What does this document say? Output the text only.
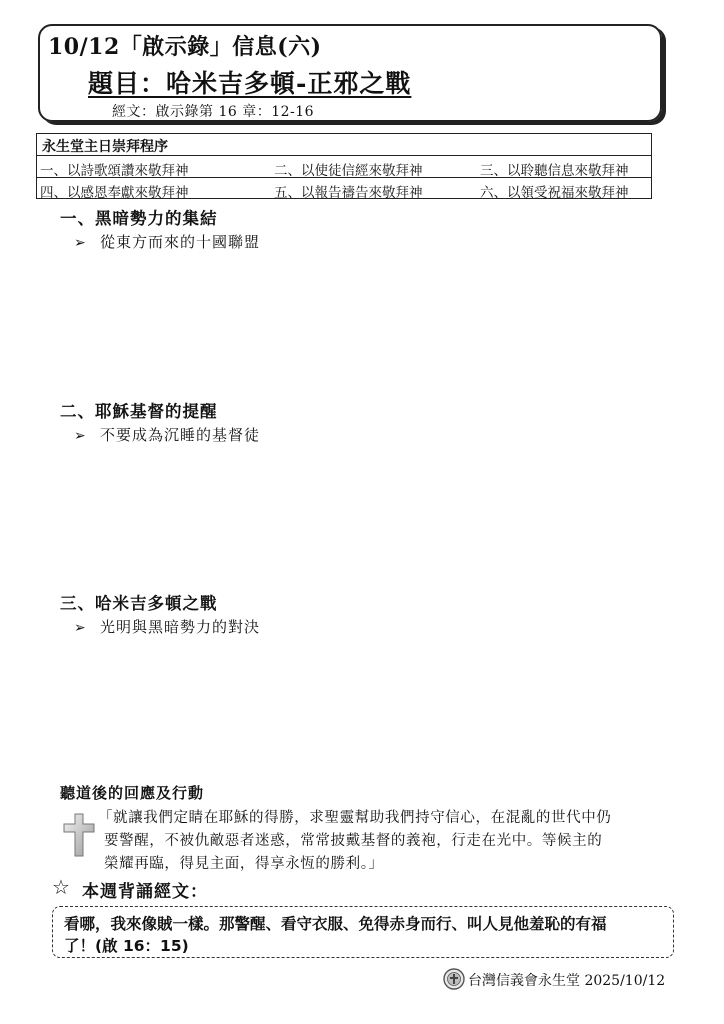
10/12「啟示錄」信息(六)
題目：哈米吉多頓-正邪之戰
經文：啟示錄第 16 章：12-16
永生堂主日崇拜程序
一、以詩歌頌讚來敬拜神	二、以使徒信經來敬拜神	三、以聆聽信息來敬拜神
四、以感恩奉獻來敬拜神	五、以報告禱告來敬拜神	六、以領受祝福來敬拜神
一、黑暗勢力的集結
➢ 從東方而來的十國聯盟
二、耶穌基督的提醒
➢ 不要成為沉睡的基督徒
三、哈米吉多頓之戰
➢ 光明與黑暗勢力的對決
聽道後的回應及行動
「就讓我們定睛在耶穌的得勝，求聖靈幫助我們持守信心，在混亂的世代中仍
要警醒，不被仇敵惡者迷惑，常常披戴基督的義袍，行走在光中。等候主的
榮耀再臨，得見主面，得享永恆的勝利。」
☆ 本週背誦經文：
看哪，我來像賊一樣。那警醒、看守衣服、免得赤身而行、叫人見他羞恥的有福
了！(啟 16：15)
台灣信義會永生堂 2025/10/12
